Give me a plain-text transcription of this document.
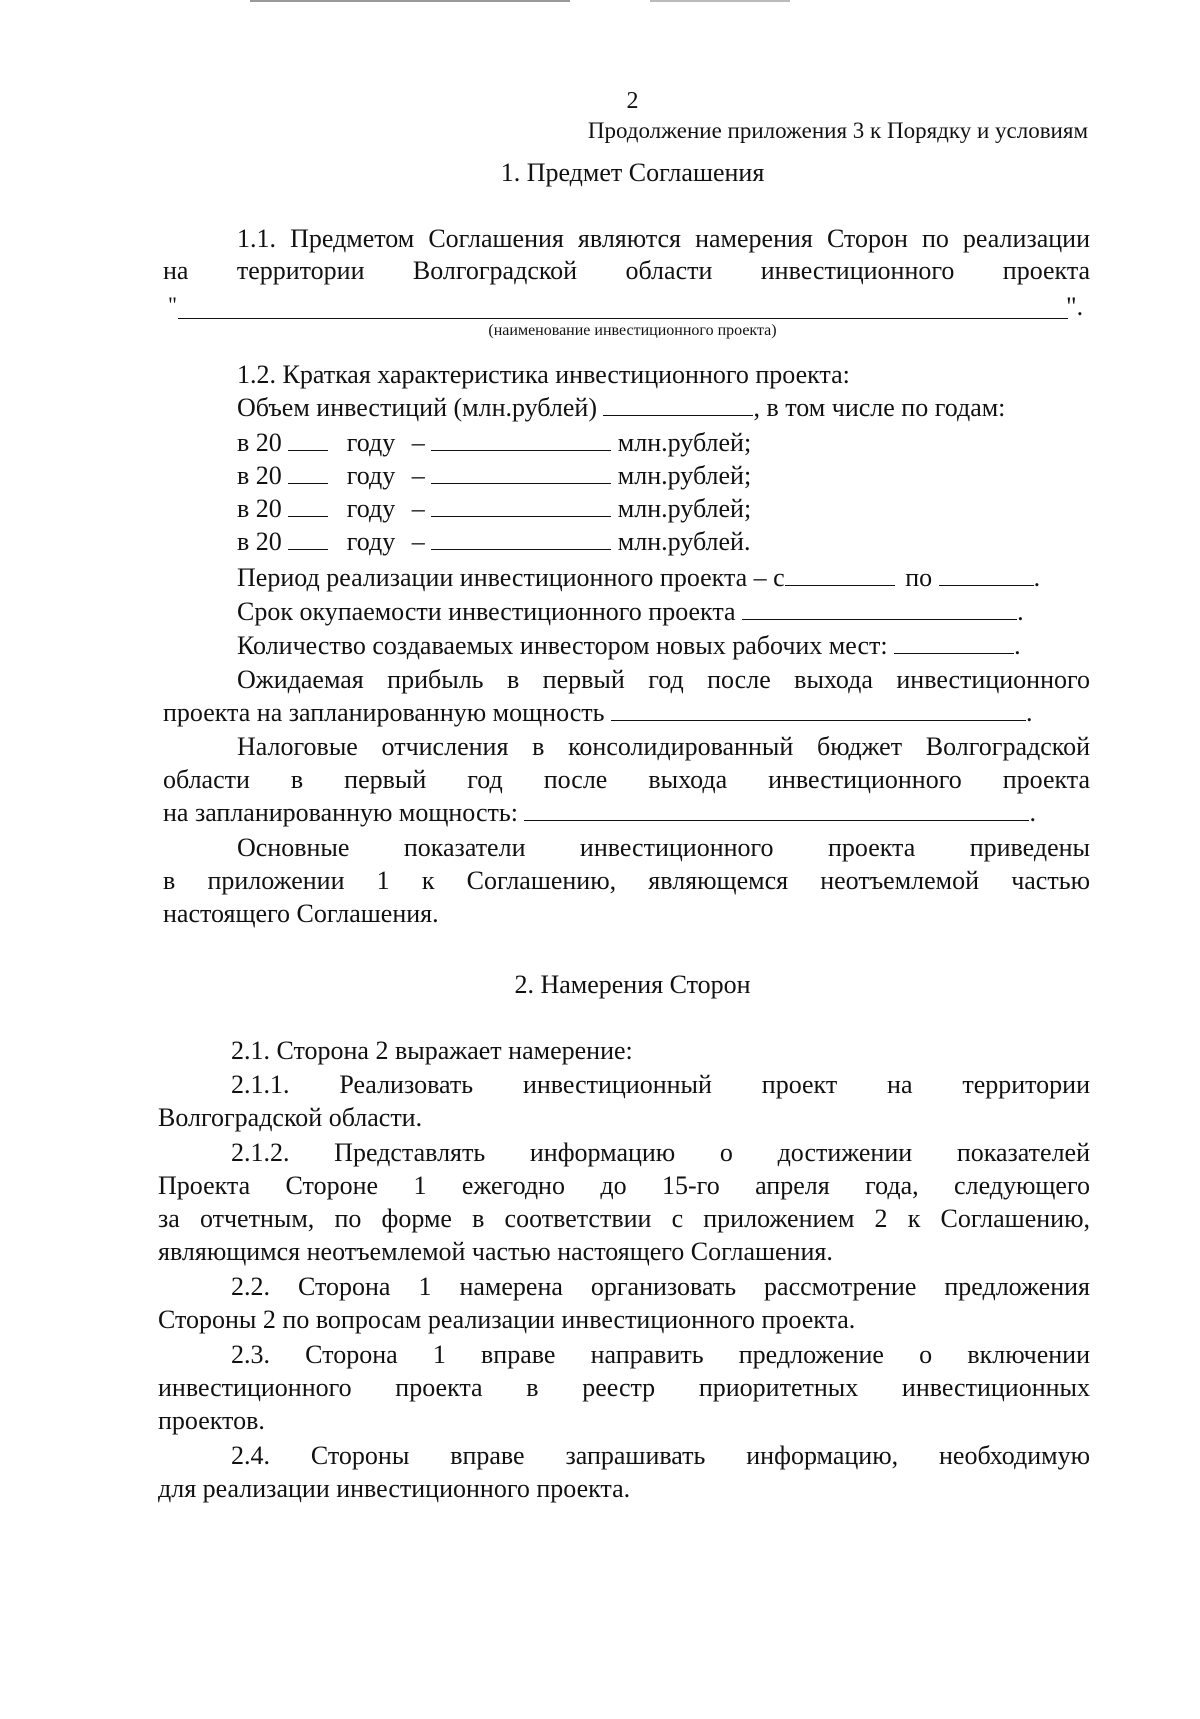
2
Продолжение приложения 3 к Порядку и условиям
1. Предмет Соглашения
1.1. Предметом Соглашения являются намерения Сторон по реализации
на территории Волгоградской области инвестиционного проекта
"	".
(наименование инвестиционного проекта)
1.2. Краткая характеристика инвестиционного проекта:
Объем инвестиций (млн.рублей)	, в том числе по годам:
в 20	году –	млн.рублей;
в 20	году –	млн.рублей;
в 20	году –	млн.рублей;
в 20	году –	млн.рублей.
Период реализации инвестиционного проекта – с	по	.
Срок окупаемости инвестиционного проекта	.
Количество создаваемых инвестором новых рабочих мест:	.
Ожидаемая прибыль в первый год после выхода инвестиционного
проекта на запланированную мощность	.
Налоговые отчисления в консолидированный бюджет Волгоградской
области в первый год после выхода инвестиционного проекта
на запланированную мощность:	.
Основные показатели инвестиционного проекта приведены
в приложении 1 к Соглашению, являющемся неотъемлемой частью
настоящего Соглашения.
2. Намерения Сторон
2.1. Сторона 2 выражает намерение:
2.1.1. Реализовать инвестиционный проект на территории
Волгоградской области.
2.1.2. Представлять информацию о достижении показателей
Проекта Стороне 1 ежегодно до 15-го апреля года, следующего
за отчетным, по форме в соответствии с приложением 2 к Соглашению,
являющимся неотъемлемой частью настоящего Соглашения.
2.2. Сторона 1 намерена организовать рассмотрение предложения
Стороны 2 по вопросам реализации инвестиционного проекта.
2.3. Сторона 1 вправе направить предложение о включении
инвестиционного проекта в реестр приоритетных инвестиционных
проектов.
2.4. Стороны вправе запрашивать информацию, необходимую
для реализации инвестиционного проекта.
